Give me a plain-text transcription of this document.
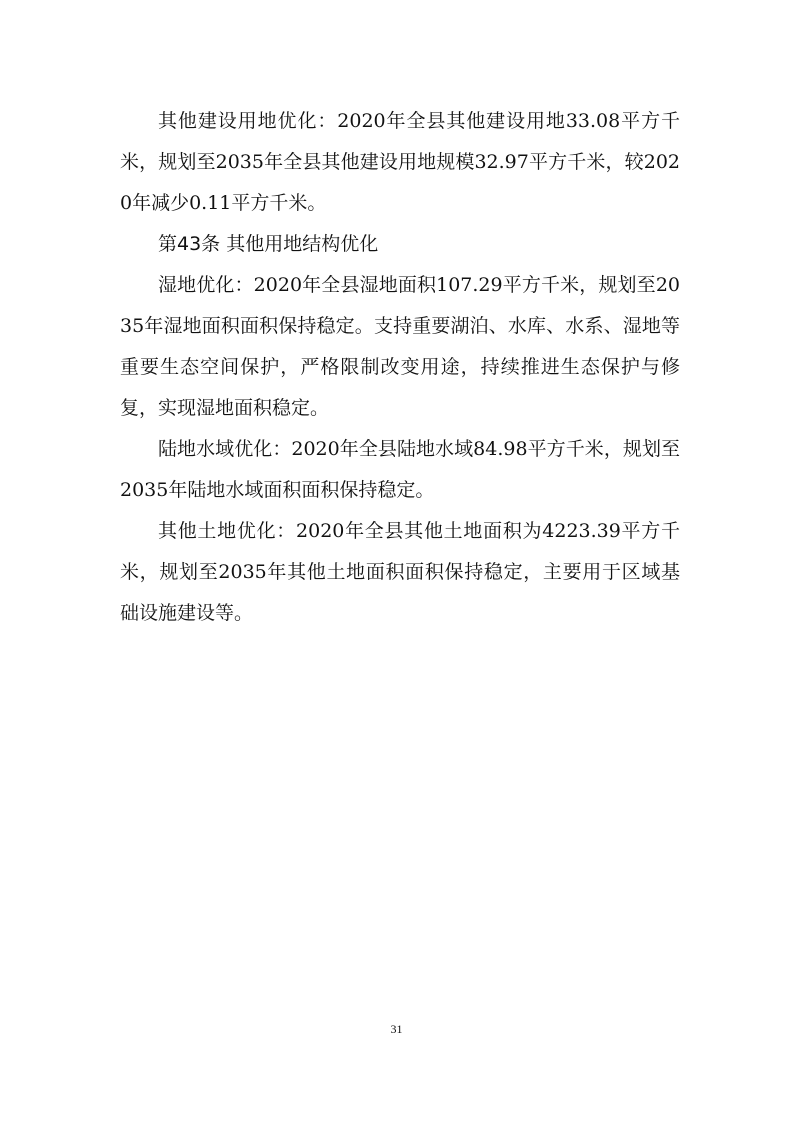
其他建设用地优化：2020年全县其他建设用地33.08平方千米，规划至2035年全县其他建设用地规模32.97平方千米，较2020年减少0.11平方千米。

第43条 其他用地结构优化

湿地优化：2020年全县湿地面积107.29平方千米，规划至2035年湿地面积面积保持稳定。支持重要湖泊、水库、水系、湿地等重要生态空间保护，严格限制改变用途，持续推进生态保护与修复，实现湿地面积稳定。

陆地水域优化：2020年全县陆地水域84.98平方千米，规划至2035年陆地水域面积面积保持稳定。

其他土地优化：2020年全县其他土地面积为4223.39平方千米，规划至2035年其他土地面积面积保持稳定，主要用于区域基础设施建设等。

31
